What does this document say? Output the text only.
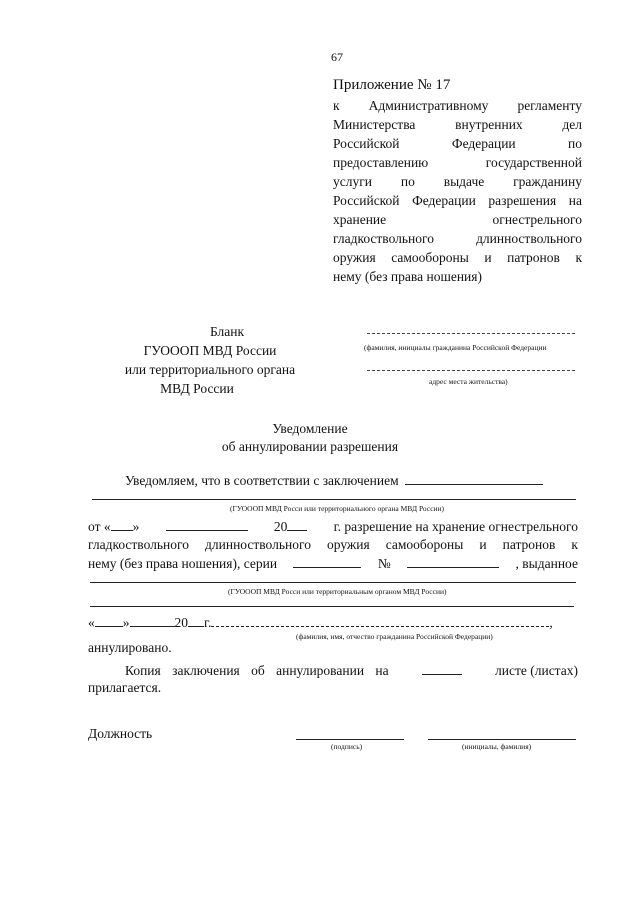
67
Приложение № 17
к Административному регламенту
Министерства внутренних дел
Российской Федерации по
предоставлению государственной
услуги по выдаче гражданину
Российской Федерации разрешения на
хранение огнестрельного
гладкоствольного длинноствольного
оружия самообороны и патронов к
нему (без права ношения)
Бланк
ГУОООП МВД России
или территориального органа
МВД России
(фамилия, инициалы гражданина Российской Федерации
адрес места жительства)
Уведомление
об аннулировании разрешения
Уведомляем, что в соответствии с заключением
(ГУОООП МВД Росси или территориального органа МВД России)
от « »	20	г. разрешение на хранение огнестрельного
гладкоствольного длинноствольного оружия самообороны и патронов к
нему (без права ношения), серии	№	, выданное
(ГУОООП МВД Росси или территориальным органом МВД России)
« »	20 г.	,
(фамилия, имя, отчество гражданина Российской Федерации)
аннулировано.
Копия заключения об аннулировании на	листе (листах)
прилагается.
Должность
(подпись)	(инициалы, фамилия)
